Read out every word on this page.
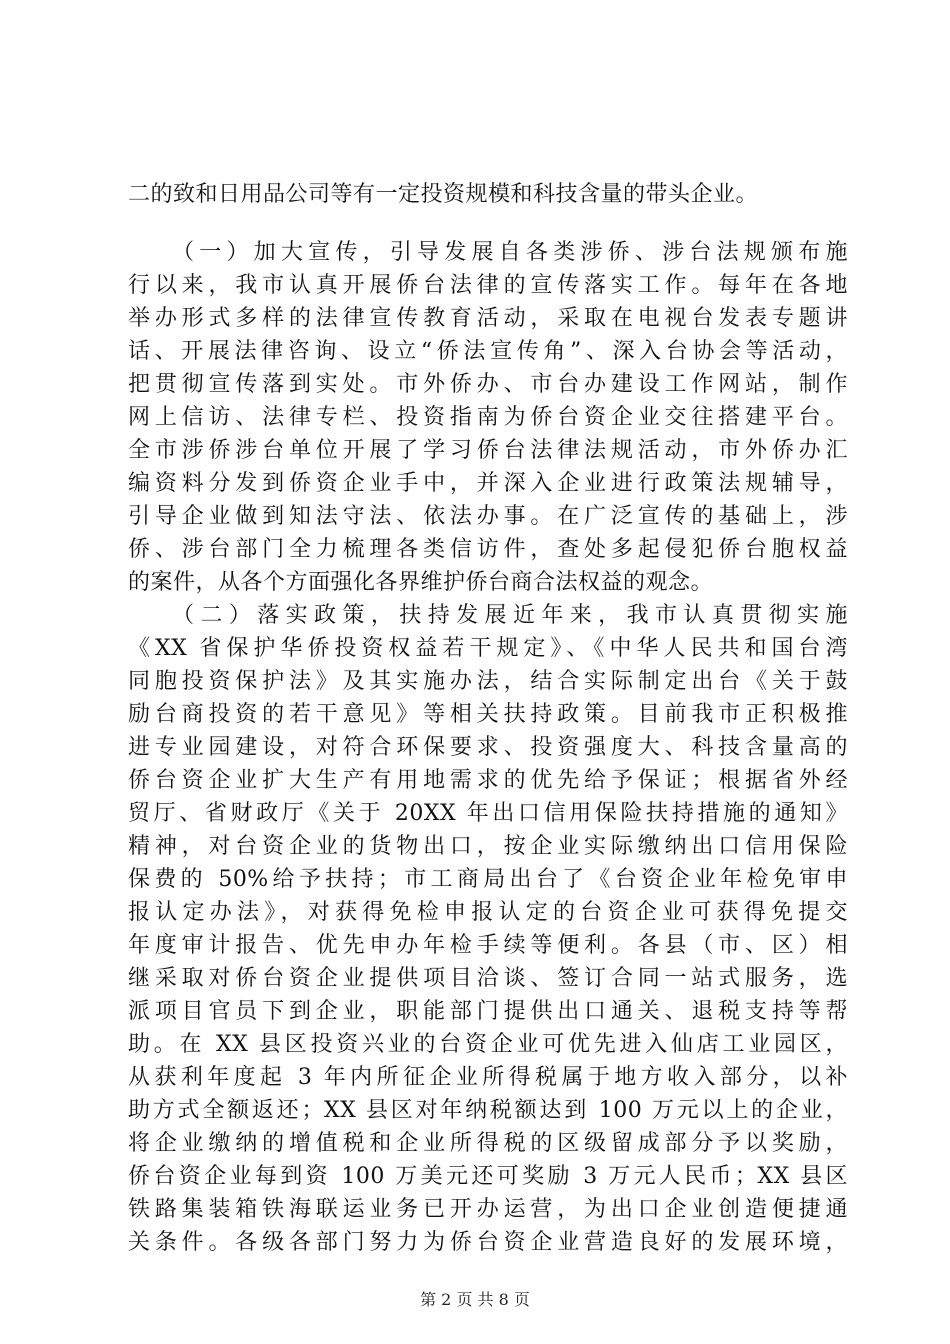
二的致和日用品公司等有一定投资规模和科技含量的带头企业。
（一）加大宣传，引导发展自各类涉侨、涉台法规颁布施
行以来，我市认真开展侨台法律的宣传落实工作。每年在各地
举办形式多样的法律宣传教育活动，采取在电视台发表专题讲
话、开展法律咨询、设立“侨法宣传角”、深入台协会等活动，
把贯彻宣传落到实处。市外侨办、市台办建设工作网站，制作
网上信访、法律专栏、投资指南为侨台资企业交往搭建平台。
全市涉侨涉台单位开展了学习侨台法律法规活动，市外侨办汇
编资料分发到侨资企业手中，并深入企业进行政策法规辅导，
引导企业做到知法守法、依法办事。在广泛宣传的基础上，涉
侨、涉台部门全力梳理各类信访件，查处多起侵犯侨台胞权益
的案件，从各个方面强化各界维护侨台商合法权益的观念。
（二）落实政策，扶持发展近年来，我市认真贯彻实施
《XX 省保护华侨投资权益若干规定》、《中华人民共和国台湾
同胞投资保护法》及其实施办法，结合实际制定出台《关于鼓
励台商投资的若干意见》等相关扶持政策。目前我市正积极推
进专业园建设，对符合环保要求、投资强度大、科技含量高的
侨台资企业扩大生产有用地需求的优先给予保证；根据省外经
贸厅、省财政厅《关于 20XX 年出口信用保险扶持措施的通知》
精神，对台资企业的货物出口，按企业实际缴纳出口信用保险
保费的 50%给予扶持；市工商局出台了《台资企业年检免审申
报认定办法》，对获得免检申报认定的台资企业可获得免提交
年度审计报告、优先申办年检手续等便利。各县（市、区）相
继采取对侨台资企业提供项目洽谈、签订合同一站式服务，选
派项目官员下到企业，职能部门提供出口通关、退税支持等帮
助。在 XX 县区投资兴业的台资企业可优先进入仙店工业园区，
从获利年度起 3 年内所征企业所得税属于地方收入部分，以补
助方式全额返还；XX 县区对年纳税额达到 100 万元以上的企业，
将企业缴纳的增值税和企业所得税的区级留成部分予以奖励，
侨台资企业每到资 100 万美元还可奖励 3 万元人民币；XX 县区
铁路集装箱铁海联运业务已开办运营，为出口企业创造便捷通
关条件。各级各部门努力为侨台资企业营造良好的发展环境，
第 2 页 共 8 页
